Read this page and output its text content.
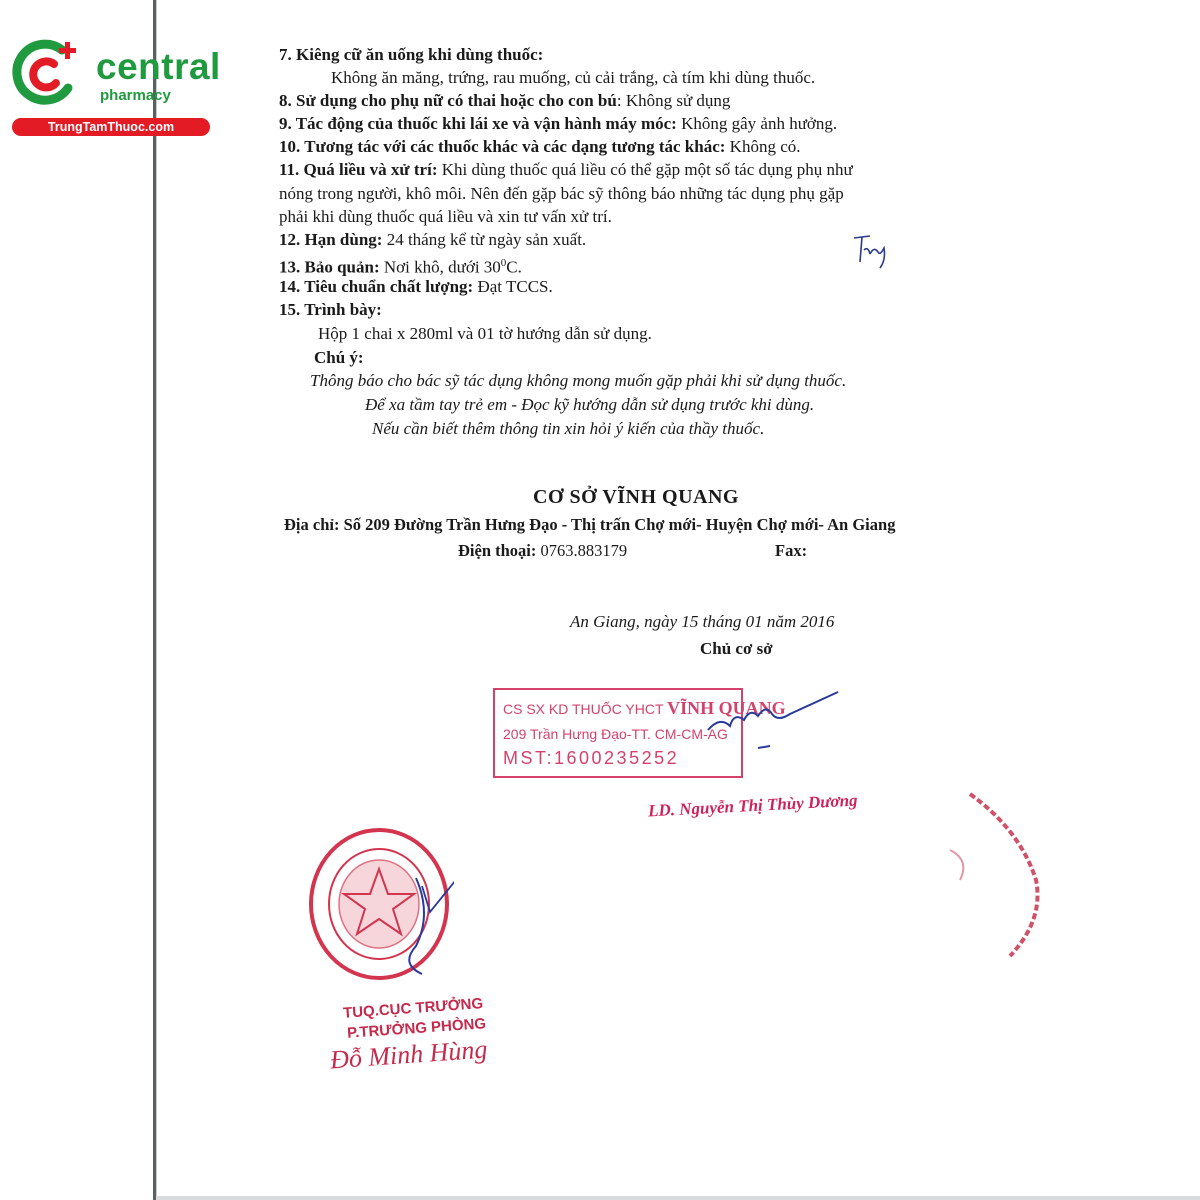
central
pharmacy
TrungTamThuoc.com
7. Kiêng cữ ăn uống khi dùng thuốc:
Không ăn măng, trứng, rau muống, củ cải trắng, cà tím khi dùng thuốc.
8. Sử dụng cho phụ nữ có thai hoặc cho con bú: Không sử dụng
9. Tác động của thuốc khi lái xe và vận hành máy móc: Không gây ảnh hưởng.
10. Tương tác với các thuốc khác và các dạng tương tác khác: Không có.
11. Quá liều và xử trí: Khi dùng thuốc quá liều có thể gặp một số tác dụng phụ như
nóng trong người, khô môi. Nên đến gặp bác sỹ thông báo những tác dụng phụ gặp
phải khi dùng thuốc quá liều và xin tư vấn xử trí.
12. Hạn dùng: 24 tháng kể từ ngày sản xuất.
13. Bảo quản: Nơi khô, dưới $30^0C$.
14. Tiêu chuẩn chất lượng: Đạt TCCS.
15. Trình bày:
Hộp 1 chai x 280ml và 01 tờ hướng dẫn sử dụng.
Chú ý:
Thông báo cho bác sỹ tác dụng không mong muốn gặp phải khi sử dụng thuốc.
Để xa tầm tay trẻ em - Đọc kỹ hướng dẫn sử dụng trước khi dùng.
Nếu cần biết thêm thông tin xin hỏi ý kiến của thầy thuốc.
CƠ SỞ VĨNH QUANG
Địa chỉ: Số 209 Đường Trần Hưng Đạo - Thị trấn Chợ mới- Huyện Chợ mới- An Giang
Điện thoại: 0763.883179	Fax:
An Giang, ngày 15 tháng 01 năm 2016
Chủ cơ sở
CS SX KD THUỐC YHCT VĨNH QUANG
209 Trần Hưng Đạo-TT. CM-CM-AG
MST:1600235252
LD. Nguyễn Thị Thùy Dương
TUQ.CỤC TRƯỞNG
P.TRƯỞNG PHÒNG
Đỗ Minh Hùng
